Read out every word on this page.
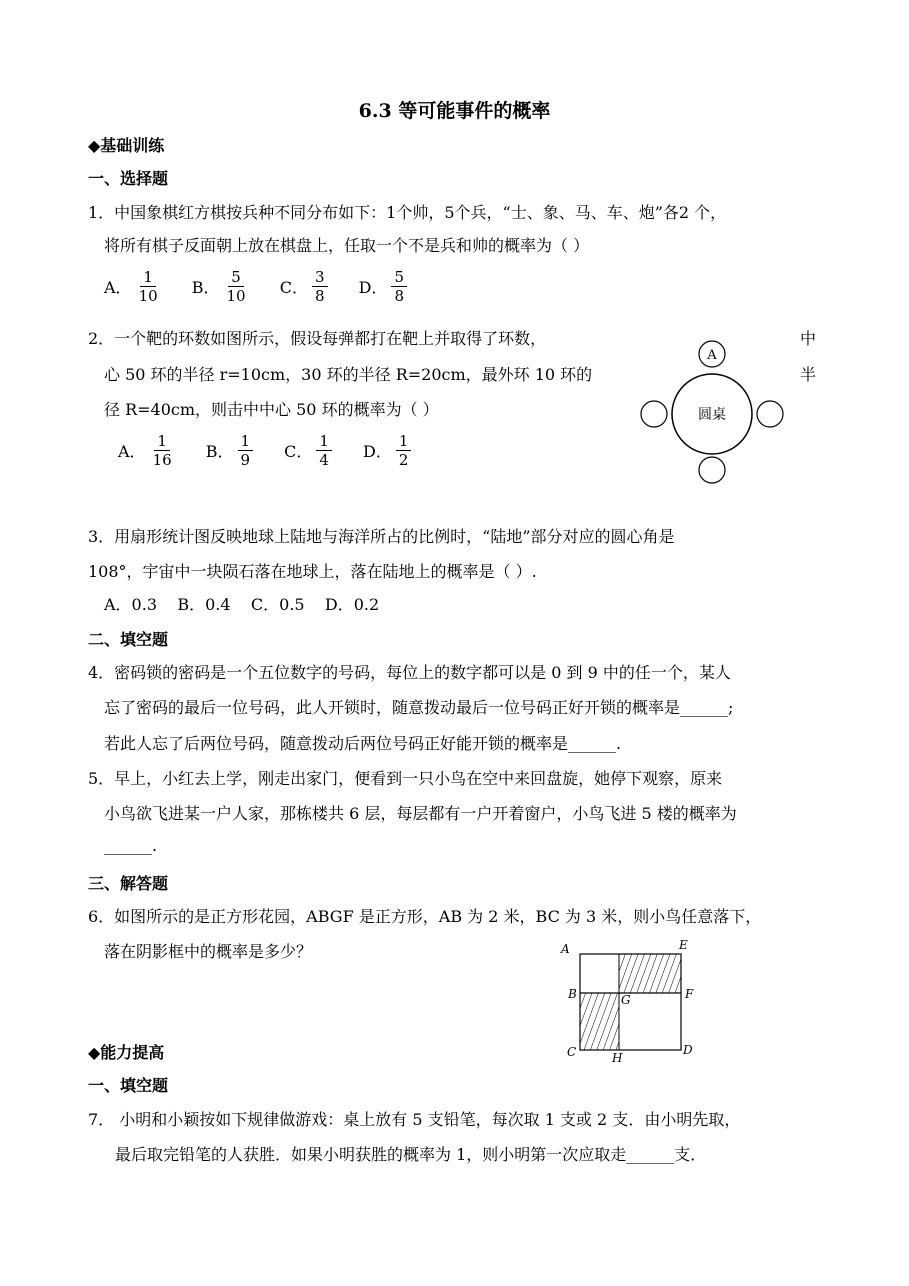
6.3 等可能事件的概率
◆基础训练
一、选择题
1．中国象棋红方棋按兵种不同分布如下：1个帅，5个兵，“士、象、马、车、炮”各2 个，
将所有棋子反面朝上放在棋盘上，任取一个不是兵和帅的概率为（ ）
A． $\frac{1}{10}$ B． $\frac{5}{10}$ C． $\frac{3}{8}$ D． $\frac{5}{8}$
2．一个靶的环数如图所示，假设每弹都打在靶上并取得了环数，	中
心 50 环的半径 r=10cm，30 环的半径 R=20cm，最外环 10 环的	半
径 R=40cm，则击中中心 50 环的概率为（ ）
A． $\frac{1}{16}$ B． $\frac{1}{9}$ C． $\frac{1}{4}$ D． $\frac{1}{2}$
A
圆桌
3．用扇形统计图反映地球上陆地与海洋所占的比例时，“陆地”部分对应的圆心角是
108°，宇宙中一块陨石落在地球上，落在陆地上的概率是（ ）.
A．0.3    B．0.4    C．0.5    D．0.2
二、填空题
4．密码锁的密码是一个五位数字的号码，每位上的数字都可以是 0 到 9 中的任一个，某人
忘了密码的最后一位号码，此人开锁时，随意拨动最后一位号码正好开锁的概率是______;
若此人忘了后两位号码，随意拨动后两位号码正好能开锁的概率是______.
5．早上，小红去上学，刚走出家门，便看到一只小鸟在空中来回盘旋，她停下观察，原来
小鸟欲飞进某一户人家，那栋楼共 6 层，每层都有一户开着窗户，小鸟飞进 5 楼的概率为
______.
三、解答题
6．如图所示的是正方形花园，ABGF 是正方形，AB 为 2 米，BC 为 3 米，则小鸟任意落下，
落在阴影框中的概率是多少？	A	E
B	G	F
C	H
D
◆能力提高
一、填空题
7． 小明和小颖按如下规律做游戏：桌上放有 5 支铅笔，每次取 1 支或 2 支．由小明先取，
最后取完铅笔的人获胜．如果小明获胜的概率为 1，则小明第一次应取走______支．
